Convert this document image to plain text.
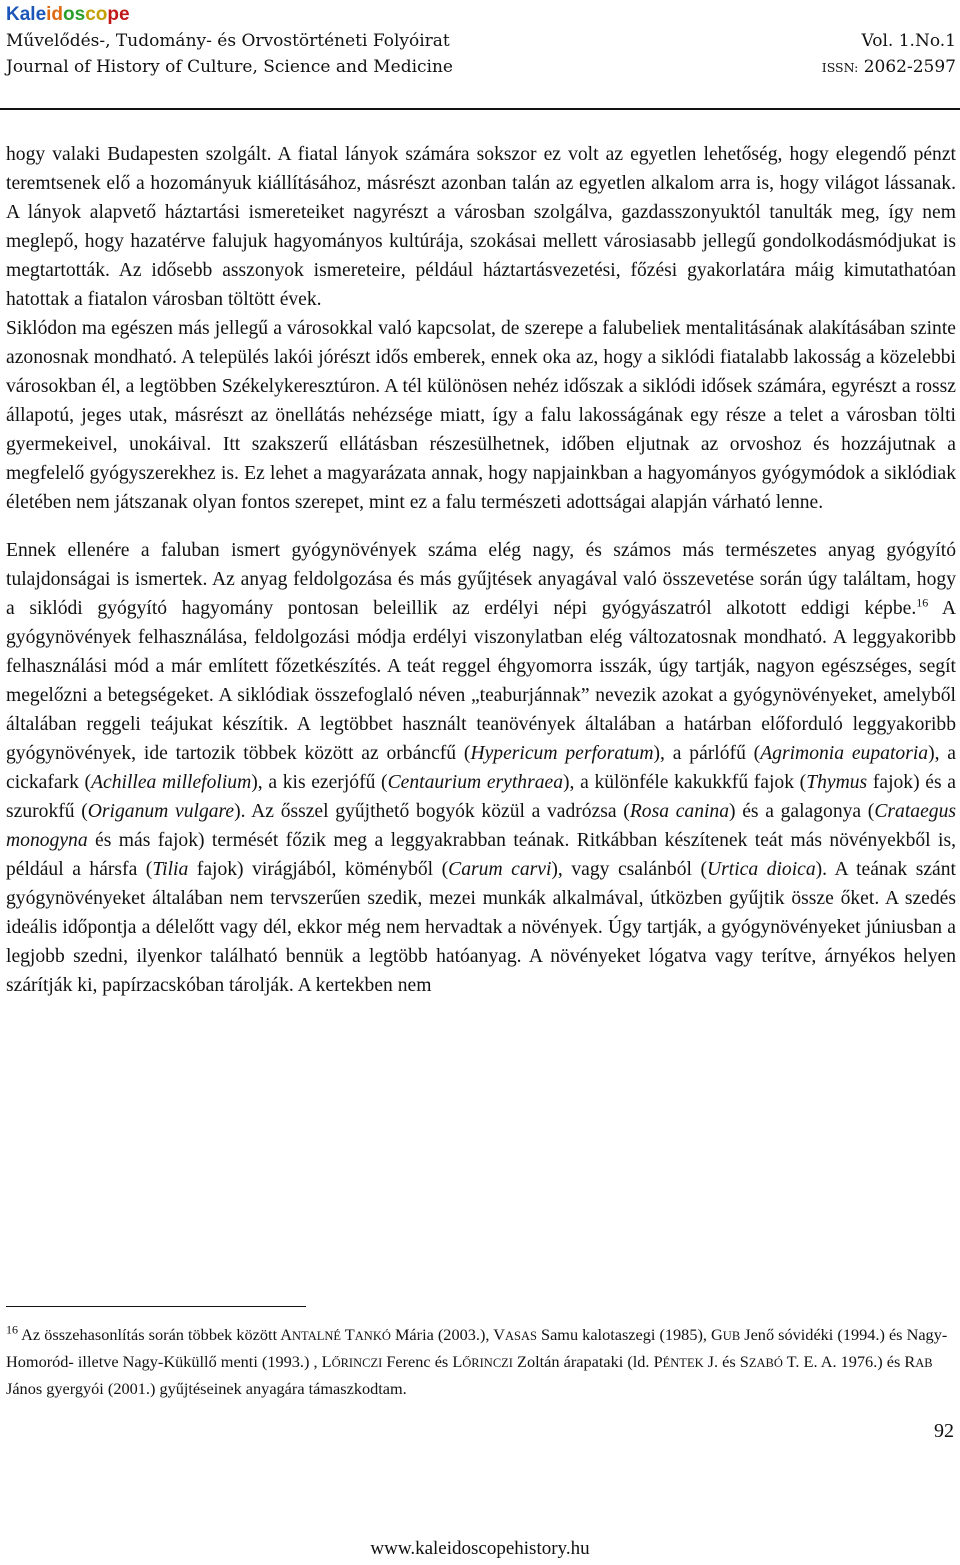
Kaleidoscope
Művelődés-, Tudomány- és Orvostörténeti Folyóirat	Vol. 1.No.1
Journal of History of Culture, Science and Medicine	ISSN: 2062-2597

hogy valaki Budapesten szolgált. A fiatal lányok számára sokszor ez volt az egyetlen lehetőség, hogy elegendő pénzt teremtsenek elő a hozományuk kiállításához, másrészt azonban talán az egyetlen alkalom arra is, hogy világot lássanak. A lányok alapvető háztartási ismereteiket nagyrészt a városban szolgálva, gazdasszonyuktól tanulták meg, így nem meglepő, hogy hazatérve falujuk hagyományos kultúrája, szokásai mellett városiasabb jellegű gondolkodásmódjukat is megtartották. Az idősebb asszonyok ismereteire, például háztartásvezetési, főzési gyakorlatára máig kimutathatóan hatottak a fiatalon városban töltött évek.

Siklódon ma egészen más jellegű a városokkal való kapcsolat, de szerepe a falubeliek mentalitásának alakításában szinte azonosnak mondható. A település lakói jórészt idős emberek, ennek oka az, hogy a siklódi fiatalabb lakosság a közelebbi városokban él, a legtöbben Székelykeresztúron. A tél különösen nehéz időszak a siklódi idősek számára, egyrészt a rossz állapotú, jeges utak, másrészt az önellátás nehézsége miatt, így a falu lakosságának egy része a telet a városban tölti gyermekeivel, unokáival. Itt szakszerű ellátásban részesülhetnek, időben eljutnak az orvoshoz és hozzájutnak a megfelelő gyógyszerekhez is. Ez lehet a magyarázata annak, hogy napjainkban a hagyományos gyógymódok a siklódiak életében nem játszanak olyan fontos szerepet, mint ez a falu természeti adottságai alapján várható lenne.

Ennek ellenére a faluban ismert gyógynövények száma elég nagy, és számos más természetes anyag gyógyító tulajdonságai is ismertek. Az anyag feldolgozása és más gyűjtések anyagával való összevetése során úgy találtam, hogy a siklódi gyógyító hagyomány pontosan beleillik az erdélyi népi gyógyászatról alkotott eddigi képbe.$^{16}$ A gyógynövények felhasználása, feldolgozási módja erdélyi viszonylatban elég változatosnak mondható. A leggyakoribb felhasználási mód a már említett főzetkészítés. A teát reggel éhgyomorra isszák, úgy tartják, nagyon egészséges, segít megelőzni a betegségeket. A siklódiak összefoglaló néven „teaburjánnak” nevezik azokat a gyógynövényeket, amelyből általában reggeli teájukat készítik. A legtöbbet használt teanövények általában a határban előforduló leggyakoribb gyógynövények, ide tartozik többek között az orbáncfű (Hypericum perforatum), a párlófű (Agrimonia eupatoria), a cickafark (Achillea millefolium), a kis ezerjófű (Centaurium erythraea), a különféle kakukkfű fajok (Thymus fajok) és a szurokfű (Origanum vulgare). Az ősszel gyűjthető bogyók közül a vadrózsa (Rosa canina) és a galagonya (Crataegus monogyna és más fajok) termését főzik meg a leggyakrabban teának. Ritkábban készítenek teát más növényekből is, például a hársfa (Tilia fajok) virágjából, köményből (Carum carvi), vagy csalánból (Urtica dioica). A teának szánt gyógynövényeket általában nem tervszerűen szedik, mezei munkák alkalmával, útközben gyűjtik össze őket. A szedés ideális időpontja a délelőtt vagy dél, ekkor még nem hervadtak a növények. Úgy tartják, a gyógynövényeket júniusban a legjobb szedni, ilyenkor található bennük a legtöbb hatóanyag. A növényeket lógatva vagy terítve, árnyékos helyen szárítják ki, papírzacskóban tárolják. A kertekben nem

$^{16}$ Az összehasonlítás során többek között ANTALNÉ TANKÓ Mária (2003.), VASAS Samu kalotaszegi (1985), GUB Jenő sóvidéki (1994.) és Nagy-Homoród- illetve Nagy-Küküllő menti (1993.) , LŐRINCZI Ferenc és LŐRINCZI Zoltán árapataki (ld. PÉNTEK J. és SZABÓ T. E. A. 1976.) és RAB János gyergyói (2001.) gyűjtéseinek anyagára támaszkodtam.
92
www.kaleidoscopehistory.hu
